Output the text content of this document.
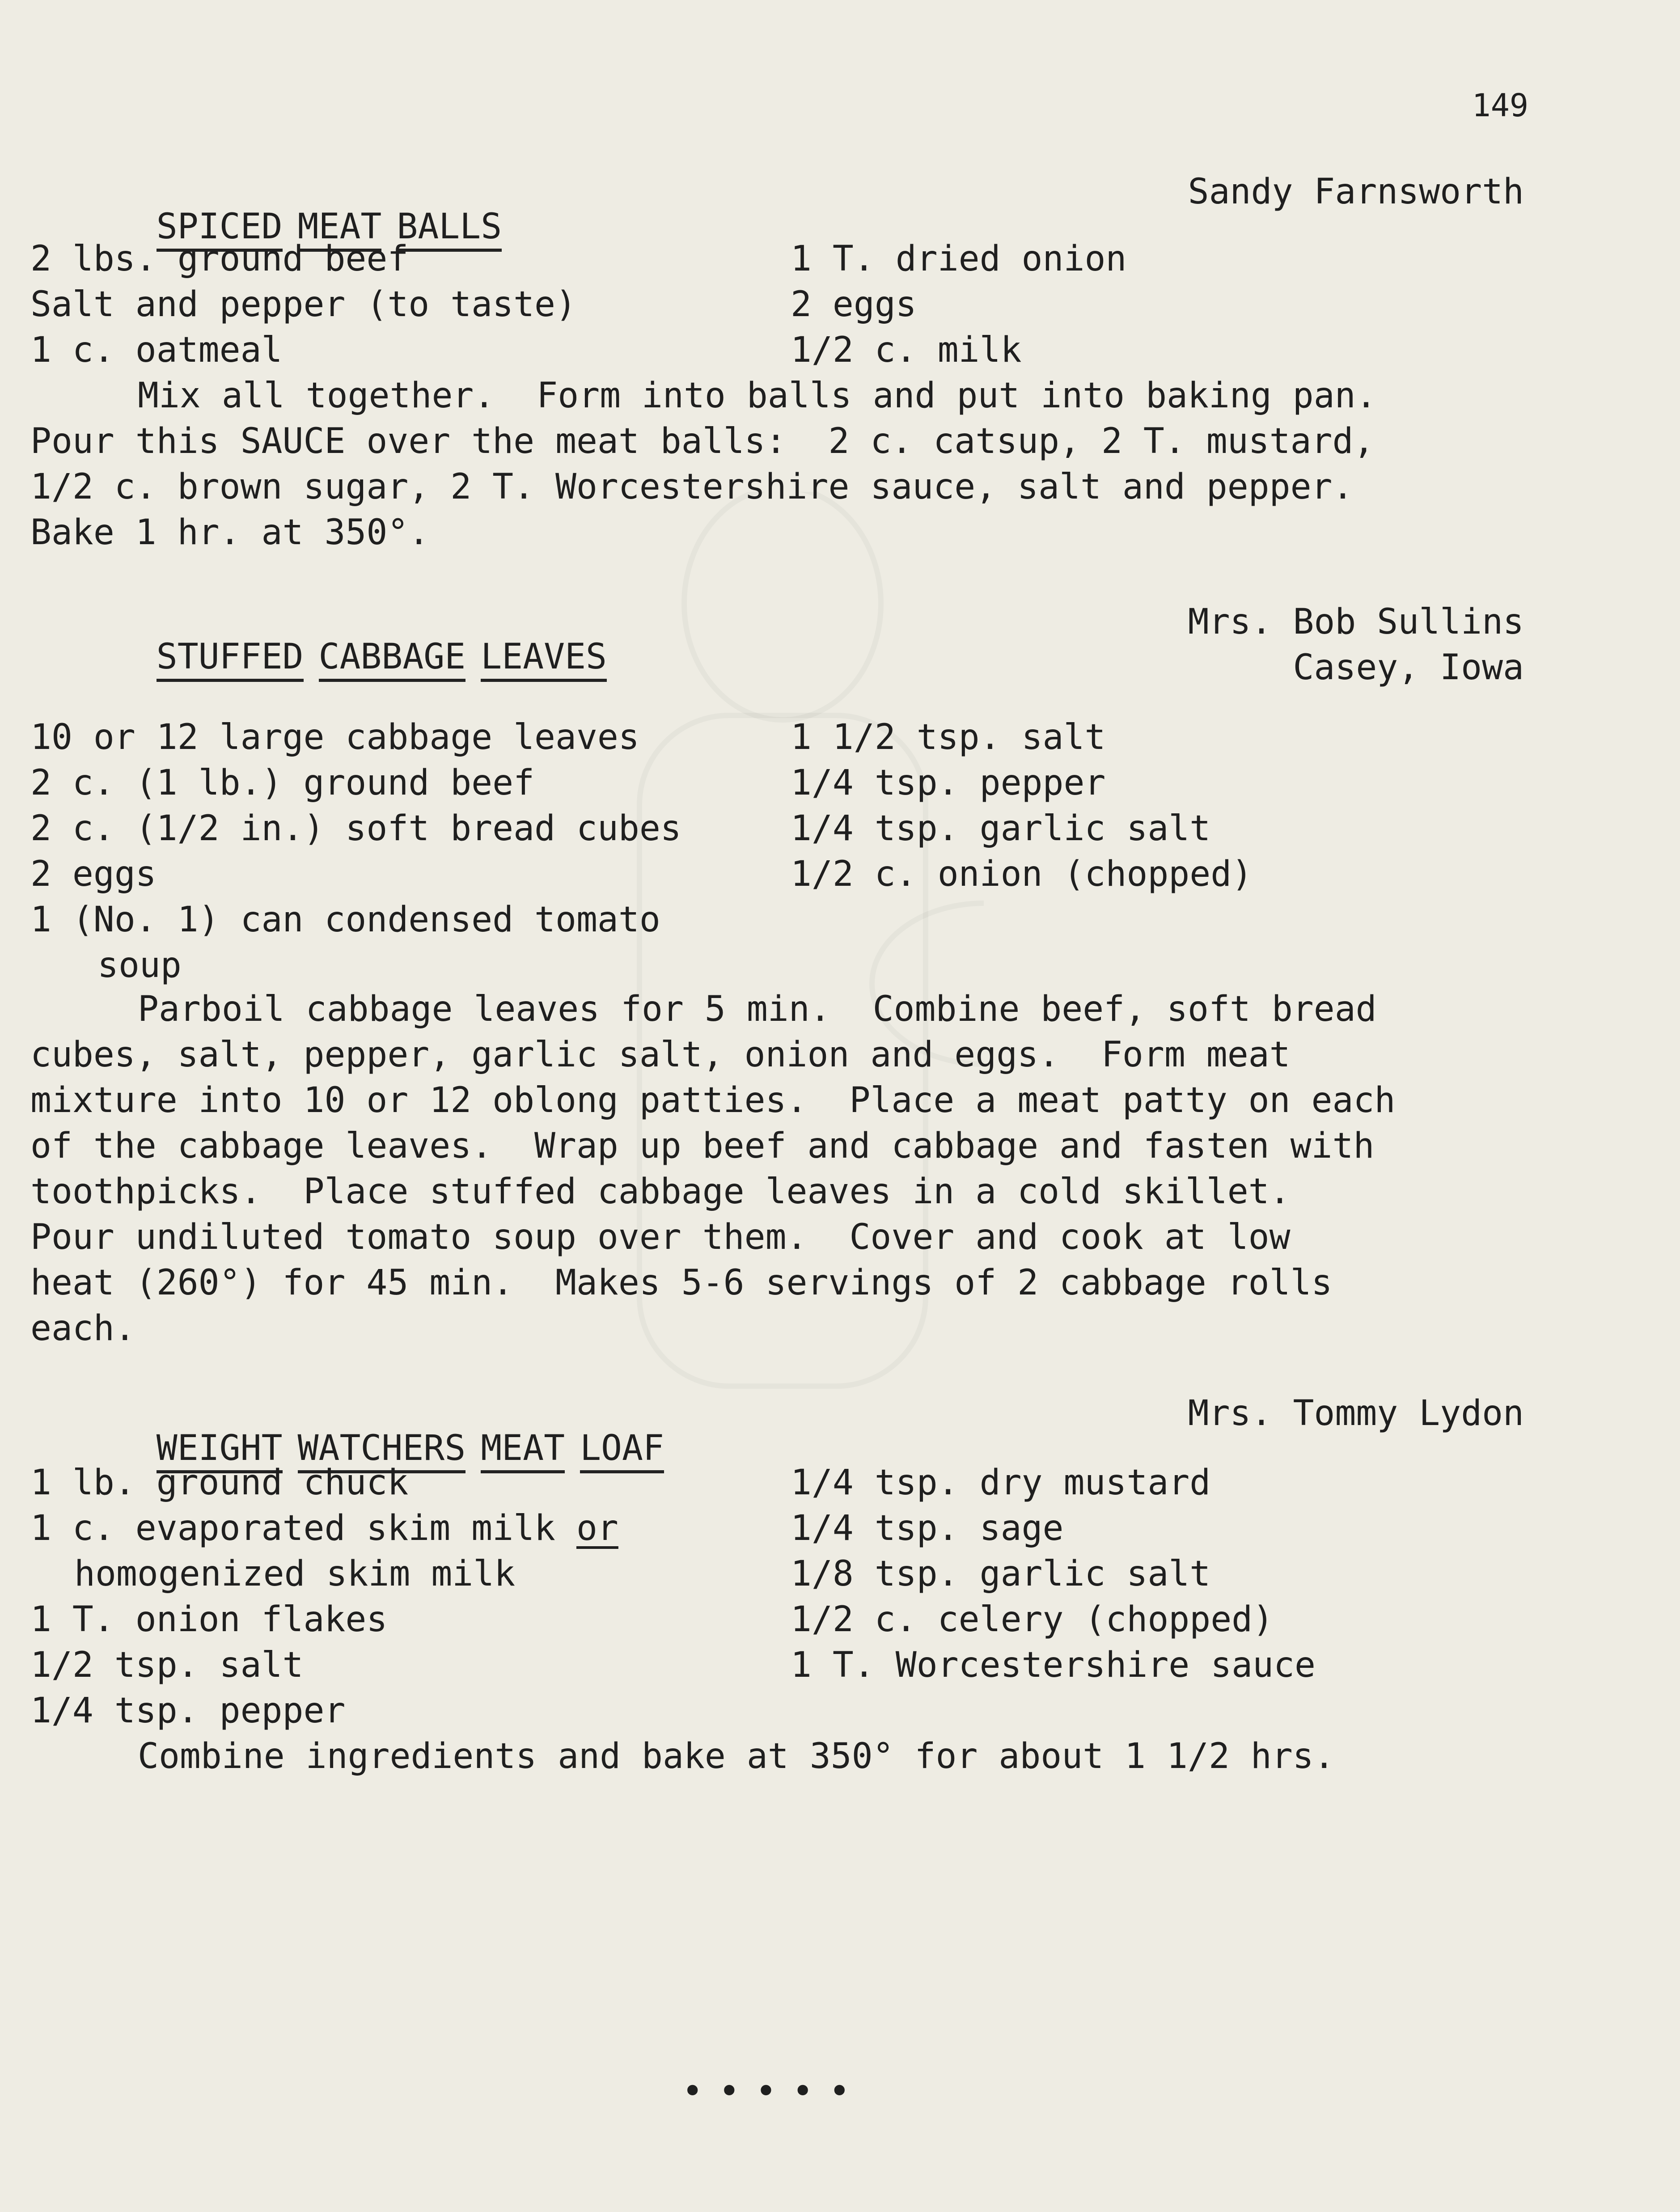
149

SPICED MEAT BALLS

Sandy Farnsworth
2 lbs. ground beef
Salt and pepper (to taste)
1 c. oatmeal
1 T. dried onion
2 eggs
1/2 c. milk
Mix all together.  Form into balls and put into baking pan.
Pour this SAUCE over the meat balls:  2 c. catsup, 2 T. mustard,
1/2 c. brown sugar, 2 T. Worcestershire sauce, salt and pepper.
Bake 1 hr. at 350°.

STUFFED CABBAGE LEAVES

Mrs. Bob Sullins
Casey, Iowa
10 or 12 large cabbage leaves
2 c. (1 lb.) ground beef
2 c. (1/2 in.) soft bread cubes
2 eggs
1 (No. 1) can condensed tomato
soup
1 1/2 tsp. salt
1/4 tsp. pepper
1/4 tsp. garlic salt
1/2 c. onion (chopped)
Parboil cabbage leaves for 5 min.  Combine beef, soft bread
cubes, salt, pepper, garlic salt, onion and eggs.  Form meat
mixture into 10 or 12 oblong patties.  Place a meat patty on each
of the cabbage leaves.  Wrap up beef and cabbage and fasten with
toothpicks.  Place stuffed cabbage leaves in a cold skillet.
Pour undiluted tomato soup over them.  Cover and cook at low
heat (260°) for 45 min.  Makes 5-6 servings of 2 cabbage rolls
each.

WEIGHT WATCHERS MEAT LOAF

Mrs. Tommy Lydon
1 lb. ground chuck
1 c. evaporated skim milk or
homogenized skim milk
1 T. onion flakes
1/2 tsp. salt
1/4 tsp. pepper
1/4 tsp. dry mustard
1/4 tsp. sage
1/8 tsp. garlic salt
1/2 c. celery (chopped)
1 T. Worcestershire sauce
Combine ingredients and bake at 350° for about 1 1/2 hrs.
•••••
